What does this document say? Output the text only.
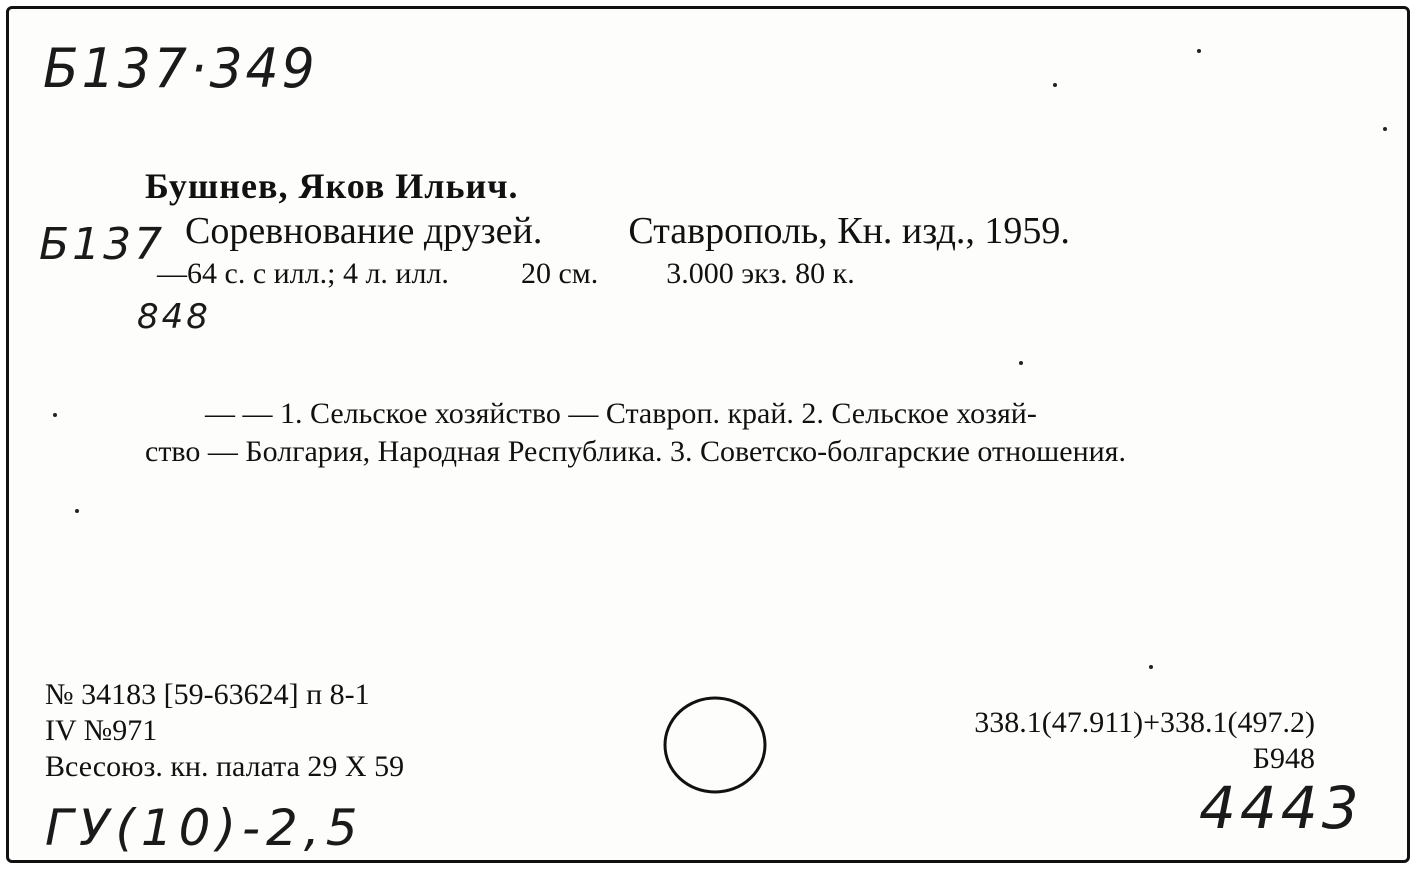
Б137·349
Б137
848
Бушнев, Яков Ильич.
Соревнование друзей. Ставрополь, Кн. изд., 1959.
—64 с. с илл.; 4 л. илл. 20 см. 3.000 экз. 80 к.
— — 1. Сельское хозяйство — Ставроп. край. 2. Сельское хозяй-
ство — Болгария, Народная Республика. 3. Советско-болгарские отношения.
№ 34183 [59-63624] п 8-1
IV №971
Всесоюз. кн. палата 29 X 59
338.1(47.911)+338.1(497.2)
Б948
ГУ(10)-2,5	4443
